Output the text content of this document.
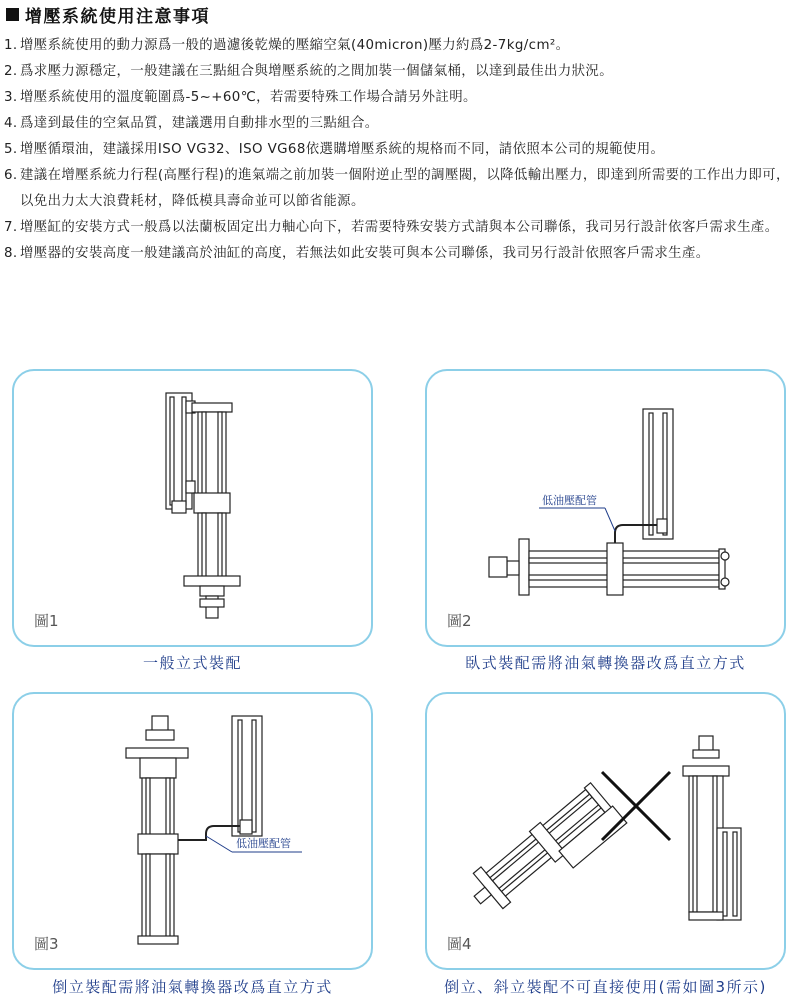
增壓系統使用注意事項
1. 增壓系統使用的動力源爲一般的過濾後乾燥的壓縮空氣(40micron)壓力約爲2-7kg/cm²。
2. 爲求壓力源穩定，一般建議在三點組合與增壓系統的之間加裝一個儲氣桶，以達到最佳出力狀況。
3. 增壓系統使用的溫度範圍爲-5~+60℃，若需要特殊工作場合請另外註明。
4. 爲達到最佳的空氣品質，建議選用自動排水型的三點組合。
5. 增壓循環油，建議採用ISO VG32、ISO VG68依選購增壓系統的規格而不同，請依照本公司的規範使用。
6. 建議在增壓系統力行程(高壓行程)的進氣端之前加裝一個附逆止型的調壓閥，以降低輸出壓力，即達到所需要的工作出力即可，以免出力太大浪費耗材，降低模具壽命並可以節省能源。
7. 增壓缸的安裝方式一般爲以法蘭板固定出力軸心向下，若需要特殊安裝方式請與本公司聯係，我司另行設計依客戶需求生產。
8. 增壓器的安裝高度一般建議高於油缸的高度，若無法如此安裝可與本公司聯係，我司另行設計依照客戶需求生產。
圖1
一般立式裝配
低油壓配管
圖2
臥式裝配需將油氣轉換器改爲直立方式
低油壓配管
圖3
倒立裝配需將油氣轉換器改爲直立方式
圖4
倒立、斜立裝配不可直接使用(需如圖3所示)
